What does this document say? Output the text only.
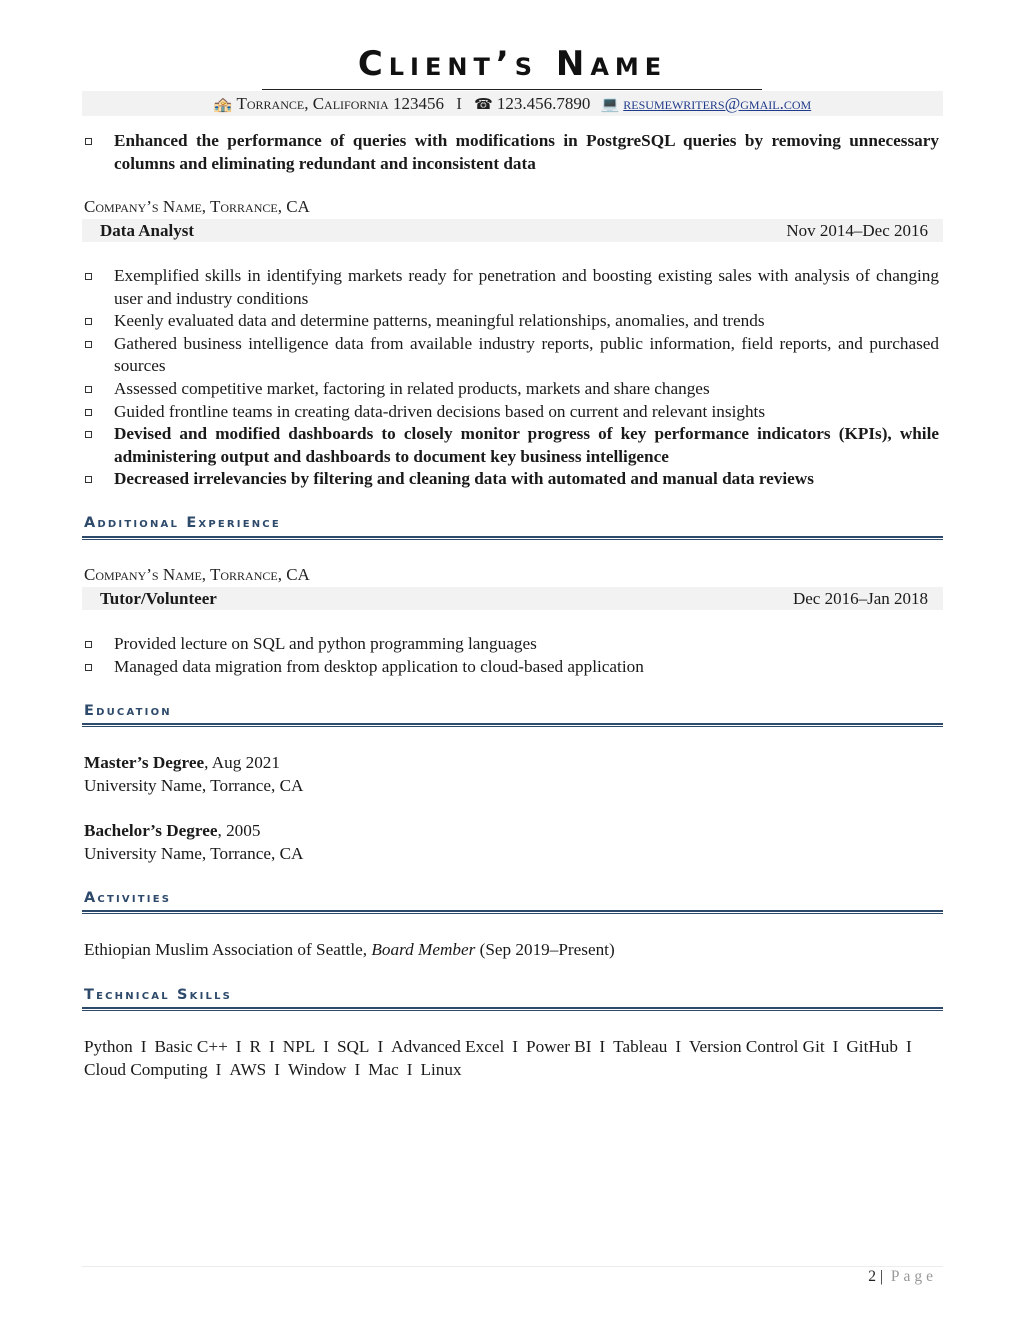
Client’s Name
🏤 Torrance, California 123456 I ☎ 123.456.7890 💻 resumewriters@gmail.com
Enhanced the performance of queries with modifications in PostgreSQL queries by removing unnecessary columns and eliminating redundant and inconsistent data
Company’s Name, Torrance, CA
Data Analyst	Nov 2014–Dec 2016
Exemplified skills in identifying markets ready for penetration and boosting existing sales with analysis of changing user and industry conditions
Keenly evaluated data and determine patterns, meaningful relationships, anomalies, and trends
Gathered business intelligence data from available industry reports, public information, field reports, and purchased sources
Assessed competitive market, factoring in related products, markets and share changes
Guided frontline teams in creating data-driven decisions based on current and relevant insights
Devised and modified dashboards to closely monitor progress of key performance indicators (KPIs), while administering output and dashboards to document key business intelligence
Decreased irrelevancies by filtering and cleaning data with automated and manual data reviews
Additional Experience
Company’s Name, Torrance, CA
Tutor/Volunteer	Dec 2016–Jan 2018
Provided lecture on SQL and python programming languages
Managed data migration from desktop application to cloud-based application
Education
Master’s Degree, Aug 2021
University Name, Torrance, CA
Bachelor’s Degree, 2005
University Name, Torrance, CA
Activities
Ethiopian Muslim Association of Seattle, Board Member (Sep 2019–Present)
Technical Skills
Python I Basic C++ I R I NPL I SQL I Advanced Excel I Power BI I Tableau I Version Control Git I GitHub I
Cloud Computing I AWS I Window I Mac I Linux
2 | Page
